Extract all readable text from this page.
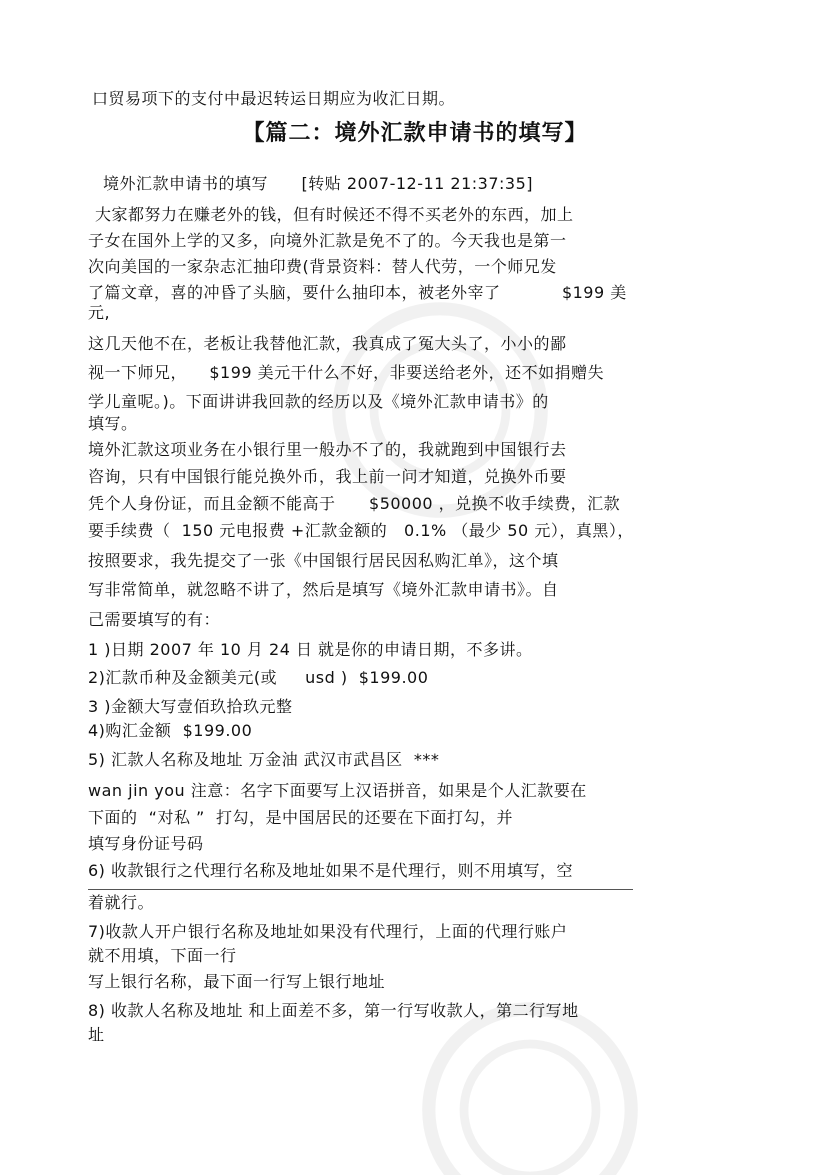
口贸易项下的支付中最迟转运日期应为收汇日期。
【篇二：境外汇款申请书的填写】
境外汇款申请书的填写      [转贴 2007-12-11 21:37:35]
大家都努力在赚老外的钱，但有时候还不得不买老外的东西，加上
子女在国外上学的又多，向境外汇款是免不了的。今天我也是第一
次向美国的一家杂志汇抽印费(背景资料：替人代劳，一个师兄发
了篇文章，喜的冲昏了头脑，要什么抽印本，被老外宰了           $199 美
元,
这几天他不在，老板让我替他汇款，我真成了冤大头了，小小的鄙
视一下师兄，    $199 美元干什么不好，非要送给老外，还不如捐赠失
学儿童呢。)。下面讲讲我回款的经历以及《境外汇款申请书》的
填写。
境外汇款这项业务在小银行里一般办不了的，我就跑到中国银行去
咨询，只有中国银行能兑换外币，我上前一问才知道，兑换外币要
凭个人身份证，而且金额不能高于      $50000 ，兑换不收手续费，汇款
要手续费（  150 元电报费 +汇款金额的   0.1% （最少 50 元），真黑），
按照要求，我先提交了一张《中国银行居民因私购汇单》，这个填
写非常简单，就忽略不讲了，然后是填写《境外汇款申请书》。自
己需要填写的有：
1 )日期 2007 年 10 月 24 日 就是你的申请日期，不多讲。
2)汇款币种及金额美元(或     usd )  $199.00
3 )金额大写壹佰玖拾玖元整
4)购汇金额  $199.00
5) 汇款人名称及地址 万金油 武汉市武昌区  ***
wan jin you 注意：名字下面要写上汉语拼音，如果是个人汇款要在
下面的  “对私 ”  打勾，是中国居民的还要在下面打勾，并
填写身份证号码
6) 收款银行之代理行名称及地址如果不是代理行，则不用填写，空
着就行。
7)收款人开户银行名称及地址如果没有代理行，上面的代理行账户
就不用填，下面一行
写上银行名称，最下面一行写上银行地址
8) 收款人名称及地址 和上面差不多，第一行写收款人，第二行写地
址
